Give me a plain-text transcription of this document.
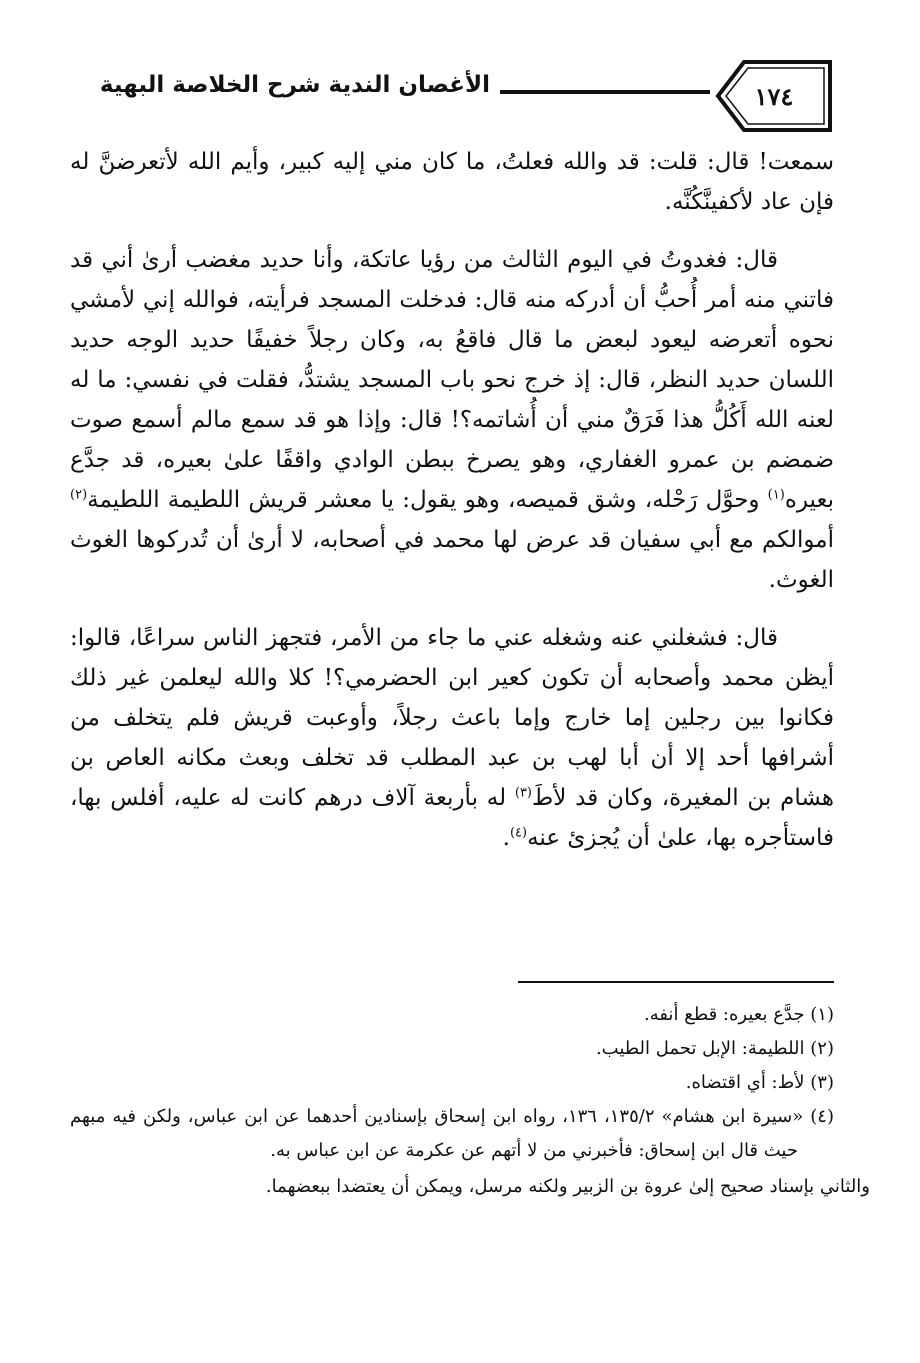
الأغصان الندية شرح الخلاصة البهية	١٧٤

سمعت! قال: قلت: قد والله فعلتُ، ما كان مني إليه كبير، وأيم الله لأتعرضنَّ له فإن عاد لأكفينَّكُنَّه.

قال: فغدوتُ في اليوم الثالث من رؤيا عاتكة، وأنا حديد مغضب أرىٰ أني قد فاتني منه أمر أُحبُّ أن أدركه منه قال: فدخلت المسجد فرأيته، فوالله إني لأمشي نحوه أتعرضه ليعود لبعض ما قال فاقعُ به، وكان رجلاً خفيفًا حديد الوجه حديد اللسان حديد النظر، قال: إذ خرج نحو باب المسجد يشتدُّ، فقلت في نفسي: ما له لعنه الله أَكُلُّ هذا فَرَقٌ مني أن أُشاتمه؟! قال: وإذا هو قد سمع مالم أسمع صوت ضمضم بن عمرو الغفاري، وهو يصرخ ببطن الوادي واقفًا علىٰ بعيره، قد جدَّع بعيره$^{(١)}$ وحوَّل رَحْله، وشق قميصه، وهو يقول: يا معشر قريش اللطيمة اللطيمة$^{(٢)}$ أموالكم مع أبي سفيان قد عرض لها محمد في أصحابه، لا أرىٰ أن تُدركوها الغوث الغوث.

قال: فشغلني عنه وشغله عني ما جاء من الأمر، فتجهز الناس سراعًا، قالوا: أيظن محمد وأصحابه أن تكون كعير ابن الحضرمي؟! كلا والله ليعلمن غير ذلك فكانوا بين رجلين إما خارج وإما باعث رجلاً، وأوعبت قريش فلم يتخلف من أشرافها أحد إلا أن أبا لهب بن عبد المطلب قد تخلف وبعث مكانه العاص بن هشام بن المغيرة، وكان قد لأطَ$^{(٣)}$ له بأربعة آلاف درهم كانت له عليه، أفلس بها، فاستأجره بها، علىٰ أن يُجزئ عنه$^{(٤)}$.

(١) جدَّع بعيره: قطع أنفه.

(٢) اللطيمة: الإبل تحمل الطيب.

(٣) لأط: أي اقتضاه.

(٤) «سيرة ابن هشام» ١٣٥/٢، ١٣٦، رواه ابن إسحاق بإسنادين أحدهما عن ابن عباس، ولكن فيه مبهم حيث قال ابن إسحاق: فأخبرني من لا أتهم عن عكرمة عن ابن عباس به.

والثاني بإسناد صحيح إلىٰ عروة بن الزبير ولكنه مرسل، ويمكن أن يعتضدا ببعضهما.
